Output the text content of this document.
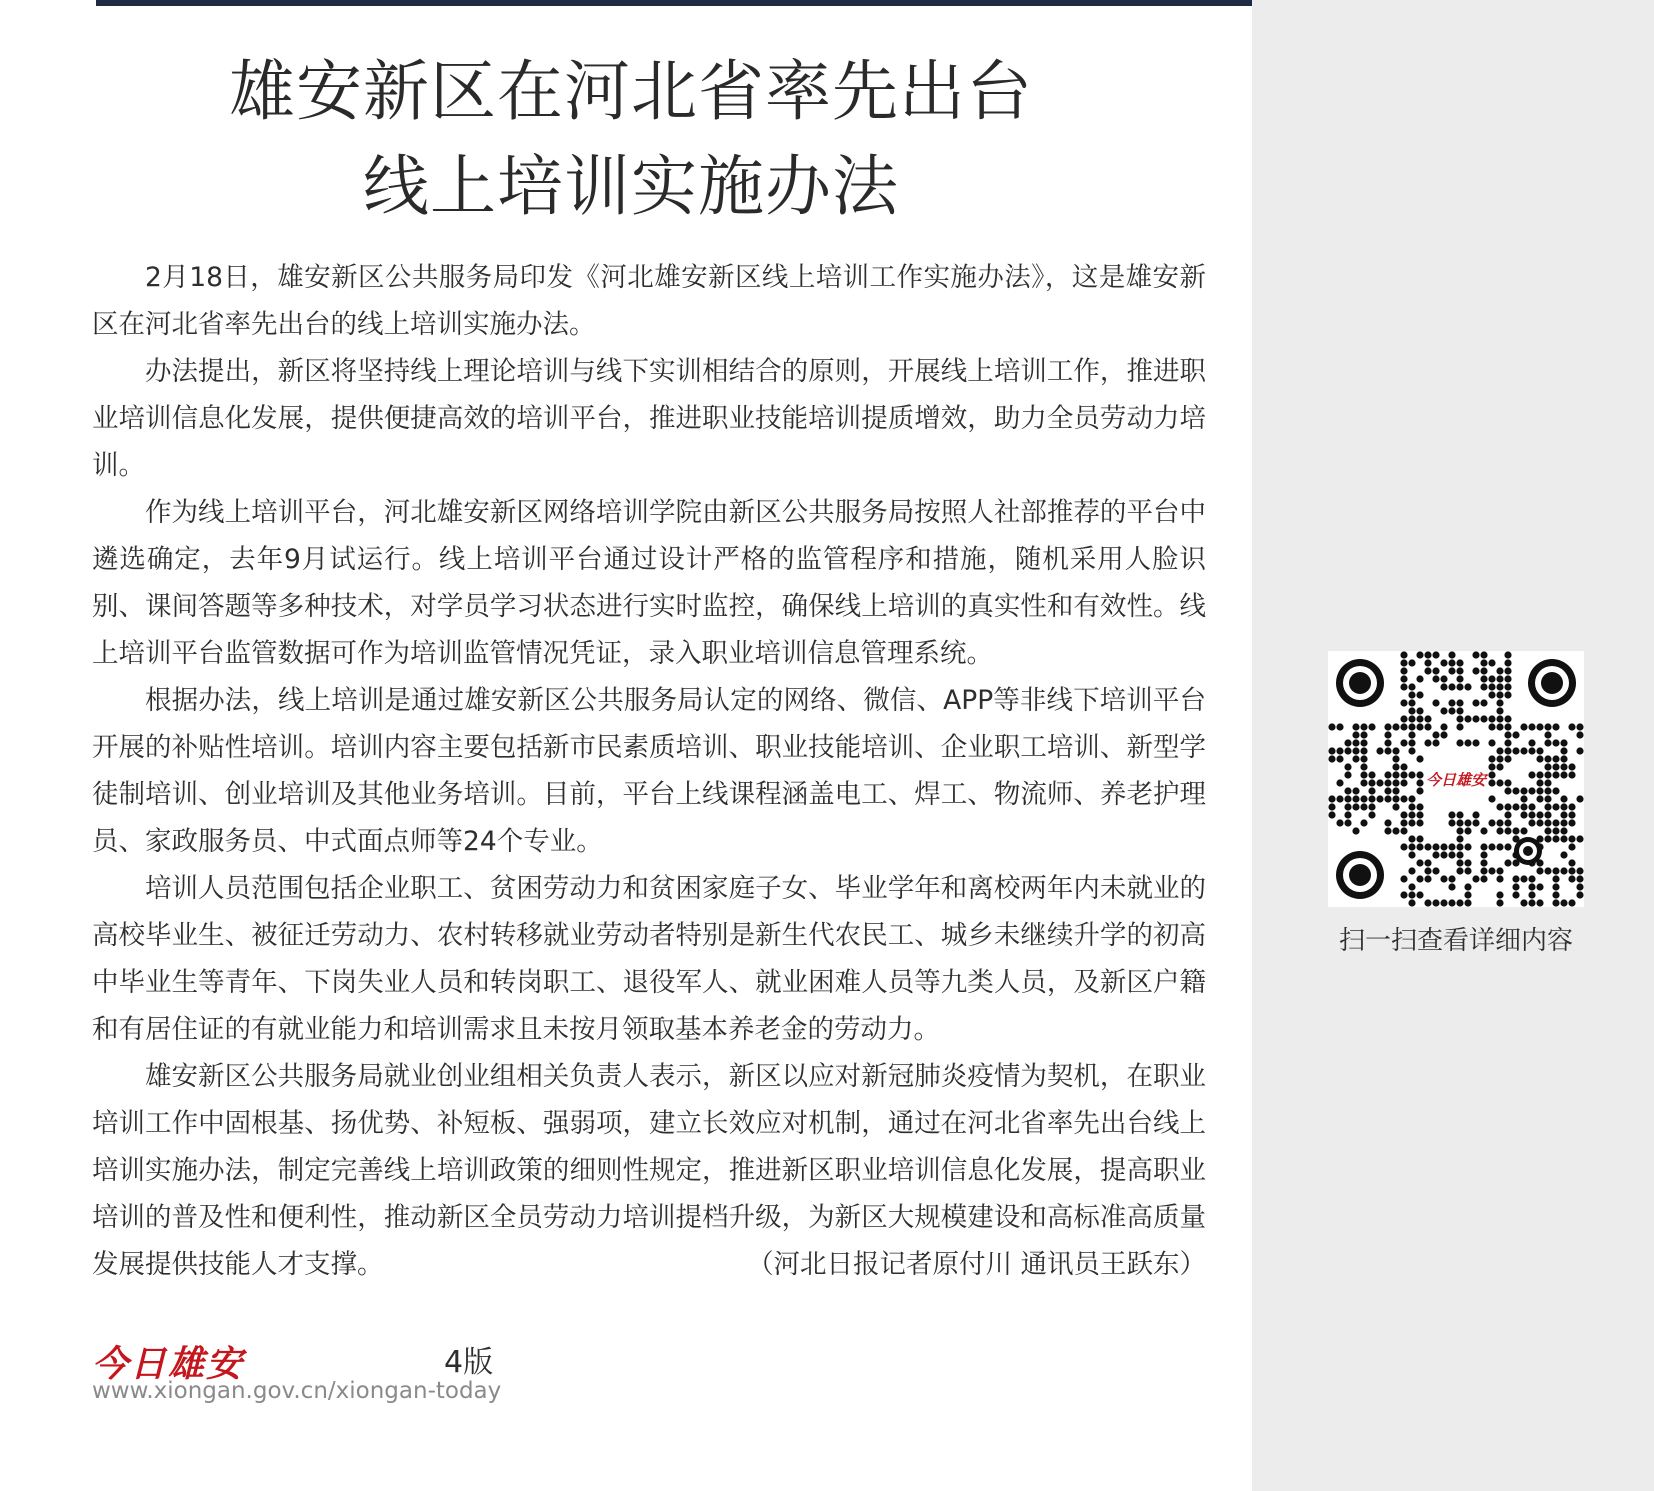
雄安新区在河北省率先出台
线上培训实施办法

2月18日，雄安新区公共服务局印发《河北雄安新区线上培训工作实施办法》，这是雄安新区在河北省率先出台的线上培训实施办法。

办法提出，新区将坚持线上理论培训与线下实训相结合的原则，开展线上培训工作，推进职业培训信息化发展，提供便捷高效的培训平台，推进职业技能培训提质增效，助力全员劳动力培训。

作为线上培训平台，河北雄安新区网络培训学院由新区公共服务局按照人社部推荐的平台中遴选确定，去年9月试运行。线上培训平台通过设计严格的监管程序和措施，随机采用人脸识别、课间答题等多种技术，对学员学习状态进行实时监控，确保线上培训的真实性和有效性。线上培训平台监管数据可作为培训监管情况凭证，录入职业培训信息管理系统。

根据办法，线上培训是通过雄安新区公共服务局认定的网络、微信、APP等非线下培训平台开展的补贴性培训。培训内容主要包括新市民素质培训、职业技能培训、企业职工培训、新型学徒制培训、创业培训及其他业务培训。目前，平台上线课程涵盖电工、焊工、物流师、养老护理员、家政服务员、中式面点师等24个专业。

培训人员范围包括企业职工、贫困劳动力和贫困家庭子女、毕业学年和离校两年内未就业的高校毕业生、被征迁劳动力、农村转移就业劳动者特别是新生代农民工、城乡未继续升学的初高中毕业生等青年、下岗失业人员和转岗职工、退役军人、就业困难人员等九类人员，及新区户籍和有居住证的有就业能力和培训需求且未按月领取基本养老金的劳动力。

雄安新区公共服务局就业创业组相关负责人表示，新区以应对新冠肺炎疫情为契机，在职业培训工作中固根基、扬优势、补短板、强弱项，建立长效应对机制，通过在河北省率先出台线上培训实施办法，制定完善线上培训政策的细则性规定，推进新区职业培训信息化发展，提高职业培训的普及性和便利性，推动新区全员劳动力培训提档升级，为新区大规模建设和高标准高质量发展提供技能人才支撑。	（河北日报记者原付川 通讯员王跃东）

今日雄安	4版
www.xiongan.gov.cn/xiongan-today
今日雄安
扫一扫查看详细内容
